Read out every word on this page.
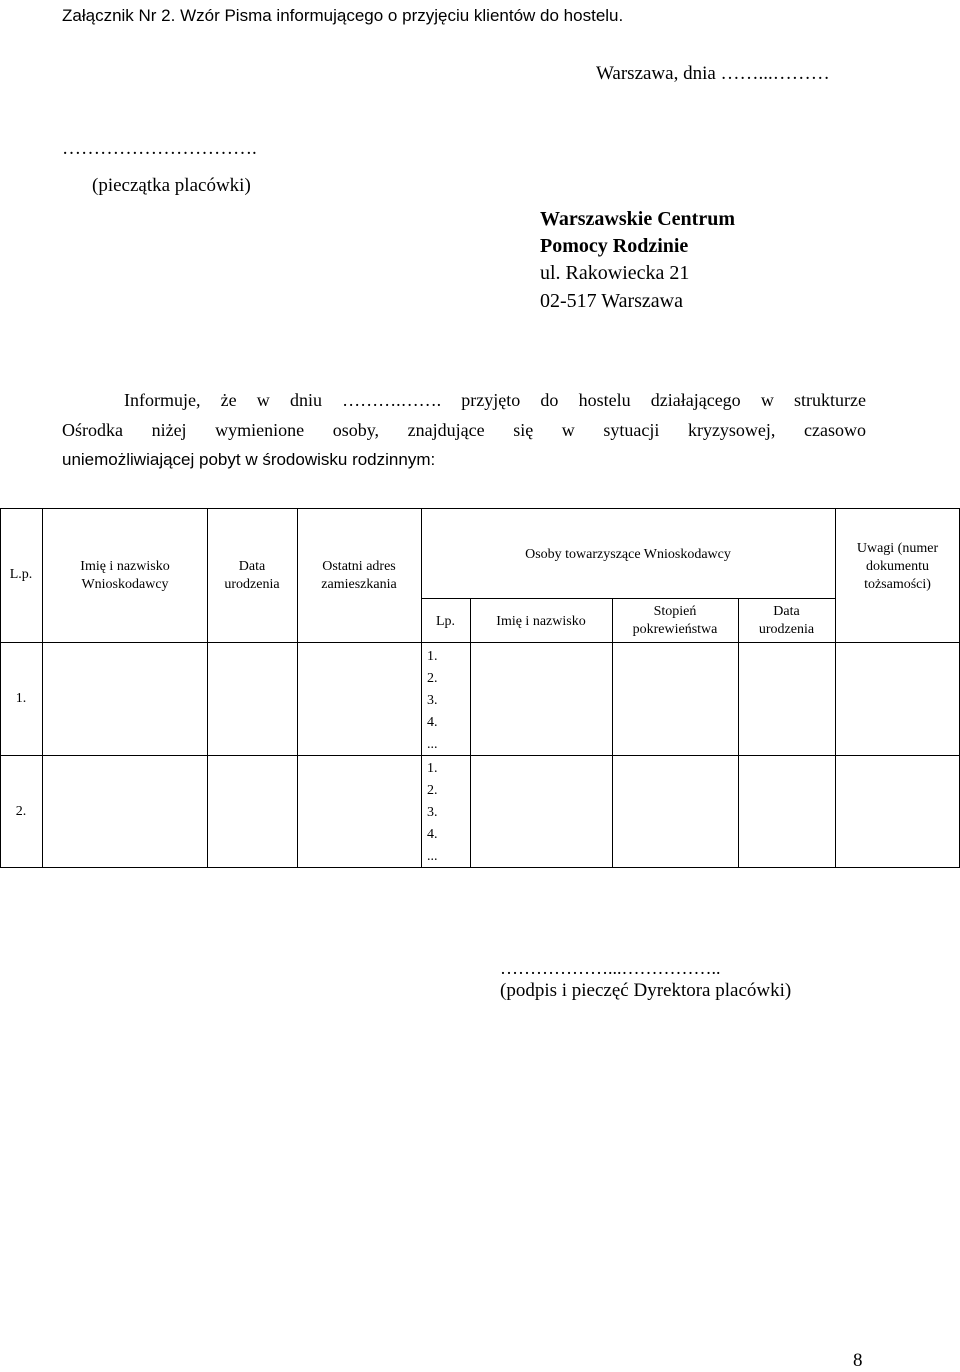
Załącznik Nr 2. Wzór Pisma informującego o przyjęciu klientów do hostelu.
Warszawa, dnia ……...………
………………………….
(pieczątka placówki)
Warszawskie Centrum
Pomocy Rodzinie
ul. Rakowiecka 21
02-517 Warszawa
Informuje, że w dniu ……….……. przyjęto do hostelu działającego w strukturze
Ośrodka niżej wymienione osoby, znajdujące się w sytuacji kryzysowej, czasowo
uniemożliwiającej pobyt w środowisku rodzinnym:
L.p.
Imię i nazwisko Wnioskodawcy
Data urodzenia
Ostatni adres zamieszkania
Osoby towarzyszące Wnioskodawcy	Uwagi (numer dokumentu tożsamości)
Lp.	Imię i nazwisko
Stopień pokrewieństwa
Data urodzenia
1.
1.
2.
3.
4.
...
2.
1.
2.
3.
4.
...
………………...……………..
(podpis i pieczęć Dyrektora placówki)
8
